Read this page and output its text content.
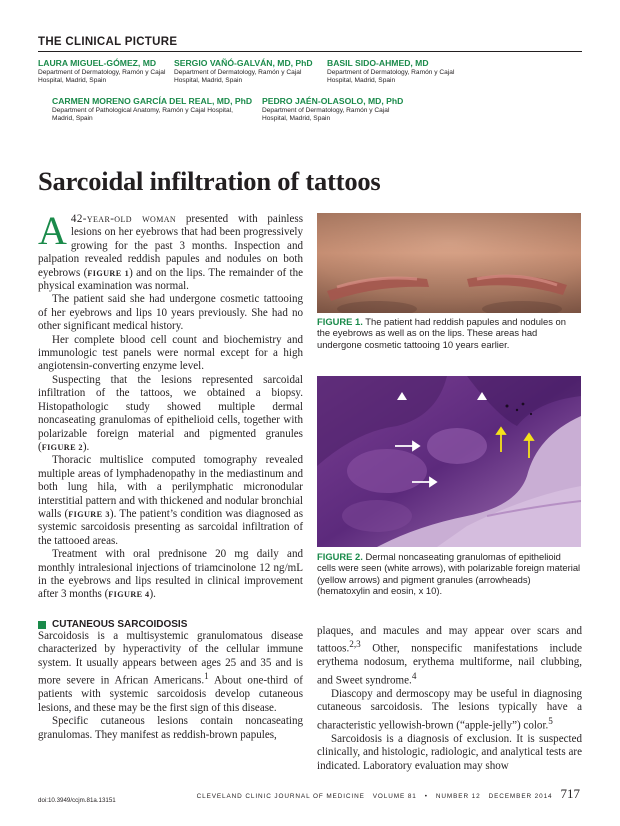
THE CLINICAL PICTURE
LAURA MIGUEL-GÓMEZ, MD
Department of Dermatology, Ramón y Cajal Hospital, Madrid, Spain
SERGIO VAÑÓ-GALVÁN, MD, PhD
Department of Dermatology, Ramón y Cajal Hospital, Madrid, Spain
BASIL SIDO-AHMED, MD
Department of Dermatology, Ramón y Cajal Hospital, Madrid, Spain
CARMEN MORENO GARCÍA DEL REAL, MD, PhD
Department of Pathological Anatomy, Ramón y Cajal Hospital, Madrid, Spain
PEDRO JAÉN-OLASOLO, MD, PhD
Department of Dermatology, Ramón y Cajal Hospital, Madrid, Spain
Sarcoidal infiltration of tattoos

A 42-year-old woman presented with painless lesions on her eyebrows that had been progressively growing for the past 3 months. Inspection and palpation revealed reddish papules and nodules on both eyebrows (FIGURE 1) and on the lips. The remainder of the physical examination was normal.

The patient said she had undergone cosmetic tattooing of her eyebrows and lips 10 years previously. She had no other significant medical history.

Her complete blood cell count and biochemistry and immunologic test panels were normal except for a high angiotensin-converting enzyme level.

Suspecting that the lesions represented sarcoidal infiltration of the tattoos, we obtained a biopsy. Histopathologic study showed multiple dermal noncaseating granulomas of epithelioid cells, together with polarizable foreign material and pigmented granules (FIGURE 2).

Thoracic multislice computed tomography revealed multiple areas of lymphadenopathy in the mediastinum and both lung hila, with a perilymphatic micronodular interstitial pattern and with thickened and nodular bronchial walls (FIGURE 3). The patient’s condition was diagnosed as systemic sarcoidosis presenting as sarcoidal infiltration of the tattooed areas.

Treatment with oral prednisone 20 mg daily and monthly intralesional injections of triamcinolone 12 ng/mL in the eyebrows and lips resulted in clinical improvement after 3 months (FIGURE 4).

CUTANEOUS SARCOIDOSIS

Sarcoidosis is a multisystemic granulomatous disease characterized by hyperactivity of the cellular immune system. It usually appears between ages 25 and 35 and is more severe in African Americans.$^1$ About one-third of patients with systemic sarcoidosis develop cutaneous lesions, and these may be the first sign of this disease.

Specific cutaneous lesions contain noncaseating granulomas. They manifest as reddish-brown papules,

FIGURE 1. The patient had reddish papules and nodules on the eyebrows as well as on the lips. These areas had undergone cosmetic tattooing 10 years earlier.
FIGURE 2. Dermal noncaseating granulomas of epithelioid cells were seen (white arrows), with polarizable foreign material (yellow arrows) and pigment granules (arrowheads) (hematoxylin and eosin, x 10).

plaques, and macules and may appear over scars and tattoos.$^{2,3}$ Other, nonspecific manifestations include erythema nodosum, erythema multiforme, nail clubbing, and Sweet syndrome.$^4$

Diascopy and dermoscopy may be useful in diagnosing cutaneous sarcoidosis. The lesions typically have a characteristic yellowish-brown (“apple-jelly”) color.$^5$

Sarcoidosis is a diagnosis of exclusion. It is suspected clinically, and histologic, radiologic, and analytical tests are indicated. Laboratory evaluation may show

doi:10.3949/ccjm.81a.13151
CLEVELAND CLINIC JOURNAL OF MEDICINE VOLUME 81 • NUMBER 12 DECEMBER 2014 717
